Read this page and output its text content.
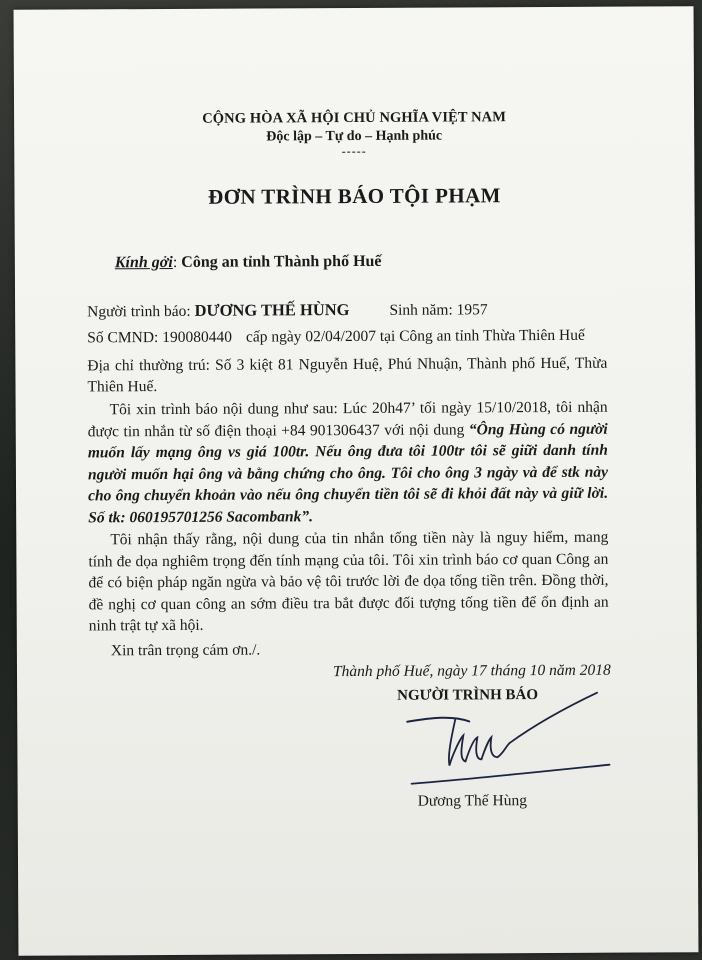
CỘNG HÒA XÃ HỘI CHỦ NGHĨA VIỆT NAM
Độc lập – Tự do – Hạnh phúc
-----
ĐƠN TRÌNH BÁO TỘI PHẠM
Kính gởi: Công an tỉnh Thành phố Huế
Người trình báo: DƯƠNG THẾ HÙNG	Sinh năm: 1957
Số CMND: 190080440 cấp ngày 02/04/2007 tại Công an tỉnh Thừa Thiên Huế
Địa chỉ thường trú: Số 3 kiệt 81 Nguyễn Huệ, Phú Nhuận, Thành phố Huế, Thừa Thiên Huế.
Tôi xin trình báo nội dung như sau: Lúc 20h47’ tối ngày 15/10/2018, tôi nhận được tin nhắn từ số điện thoại +84 901306437 với nội dung “Ông Hùng có người muốn lấy mạng ông vs giá 100tr. Nếu ông đưa tôi 100tr tôi sẽ giữi danh tính người muốn hại ông và bằng chứng cho ông. Tôi cho ông 3 ngày và để stk này cho ông chuyển khoản vào nếu ông chuyển tiền tôi sẽ đi khỏi đất này và giữ lời. Số tk: 060195701256 Sacombank”.
Tôi nhận thấy rằng, nội dung của tin nhắn tống tiền này là nguy hiểm, mang tính đe dọa nghiêm trọng đến tính mạng của tôi. Tôi xin trình báo cơ quan Công an để có biện pháp ngăn ngừa và bảo vệ tôi trước lời đe dọa tống tiền trên. Đồng thời, đề nghị cơ quan công an sớm điều tra bắt được đối tượng tống tiền để ổn định an ninh trật tự xã hội.
Xin trân trọng cám ơn./.
Thành phố Huế, ngày 17 tháng 10 năm 2018
NGƯỜI TRÌNH BÁO
Dương Thế Hùng
